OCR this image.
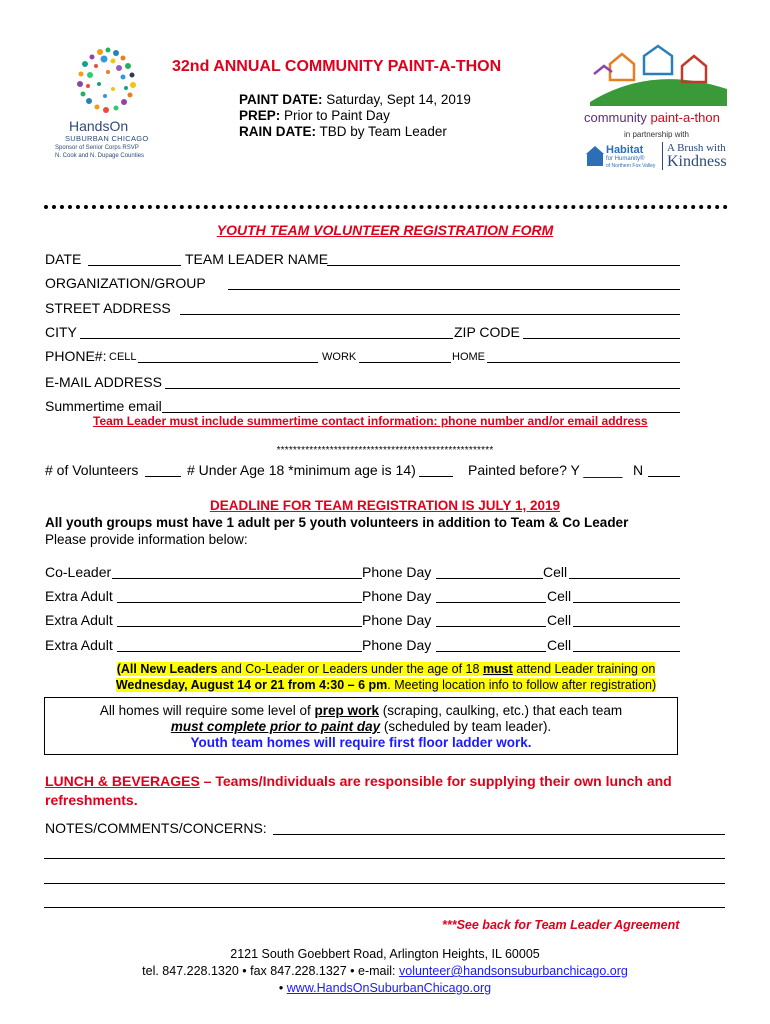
HandsOn
SUBURBAN CHICAGO
Sponsor of Senior Corps RSVP
N. Cook and N. Dupage Counties
32nd ANNUAL COMMUNITY PAINT-A-THON
PAINT DATE: Saturday, Sept 14, 2019
PREP: Prior to Paint Day
RAIN DATE: TBD by Team Leader
community paint-a-thon
in partnership with
Habitat
for Humanity®
of Northern Fox Valley
A Brush with
Kindness
YOUTH TEAM VOLUNTEER REGISTRATION FORM
DATE	TEAM LEADER NAME
ORGANIZATION/GROUP
STREET ADDRESS
CITY	ZIP CODE
PHONE#: CELL	WORK	HOME
E-MAIL ADDRESS
Summertime email
Team Leader must include summertime contact information: phone number and/or email address
*****************************************************
# of Volunteers	# Under Age 18 *minimum age is 14)	Painted before? Y _____ N
DEADLINE FOR TEAM REGISTRATION IS JULY 1, 2019
All youth groups must have 1 adult per 5 youth volunteers in addition to Team & Co Leader
Please provide information below:
Co-Leader	Phone Day	Cell
Extra Adult	Phone Day	Cell
Extra Adult	Phone Day	Cell
Extra Adult	Phone Day	Cell
(All New Leaders and Co-Leader or Leaders under the age of 18 must attend Leader training on
Wednesday, August 14 or 21 from 4:30 – 6 pm. Meeting location info to follow after registration)
All homes will require some level of prep work (scraping, caulking, etc.) that each team
must complete prior to paint day (scheduled by team leader).
Youth team homes will require first floor ladder work.
LUNCH & BEVERAGES – Teams/Individuals are responsible for supplying their own lunch and refreshments.
NOTES/COMMENTS/CONCERNS:
***See back for Team Leader Agreement
2121 South Goebbert Road, Arlington Heights, IL 60005
tel. 847.228.1320 • fax 847.228.1327 • e-mail: volunteer@handsonsuburbanchicago.org
• www.HandsOnSuburbanChicago.org
